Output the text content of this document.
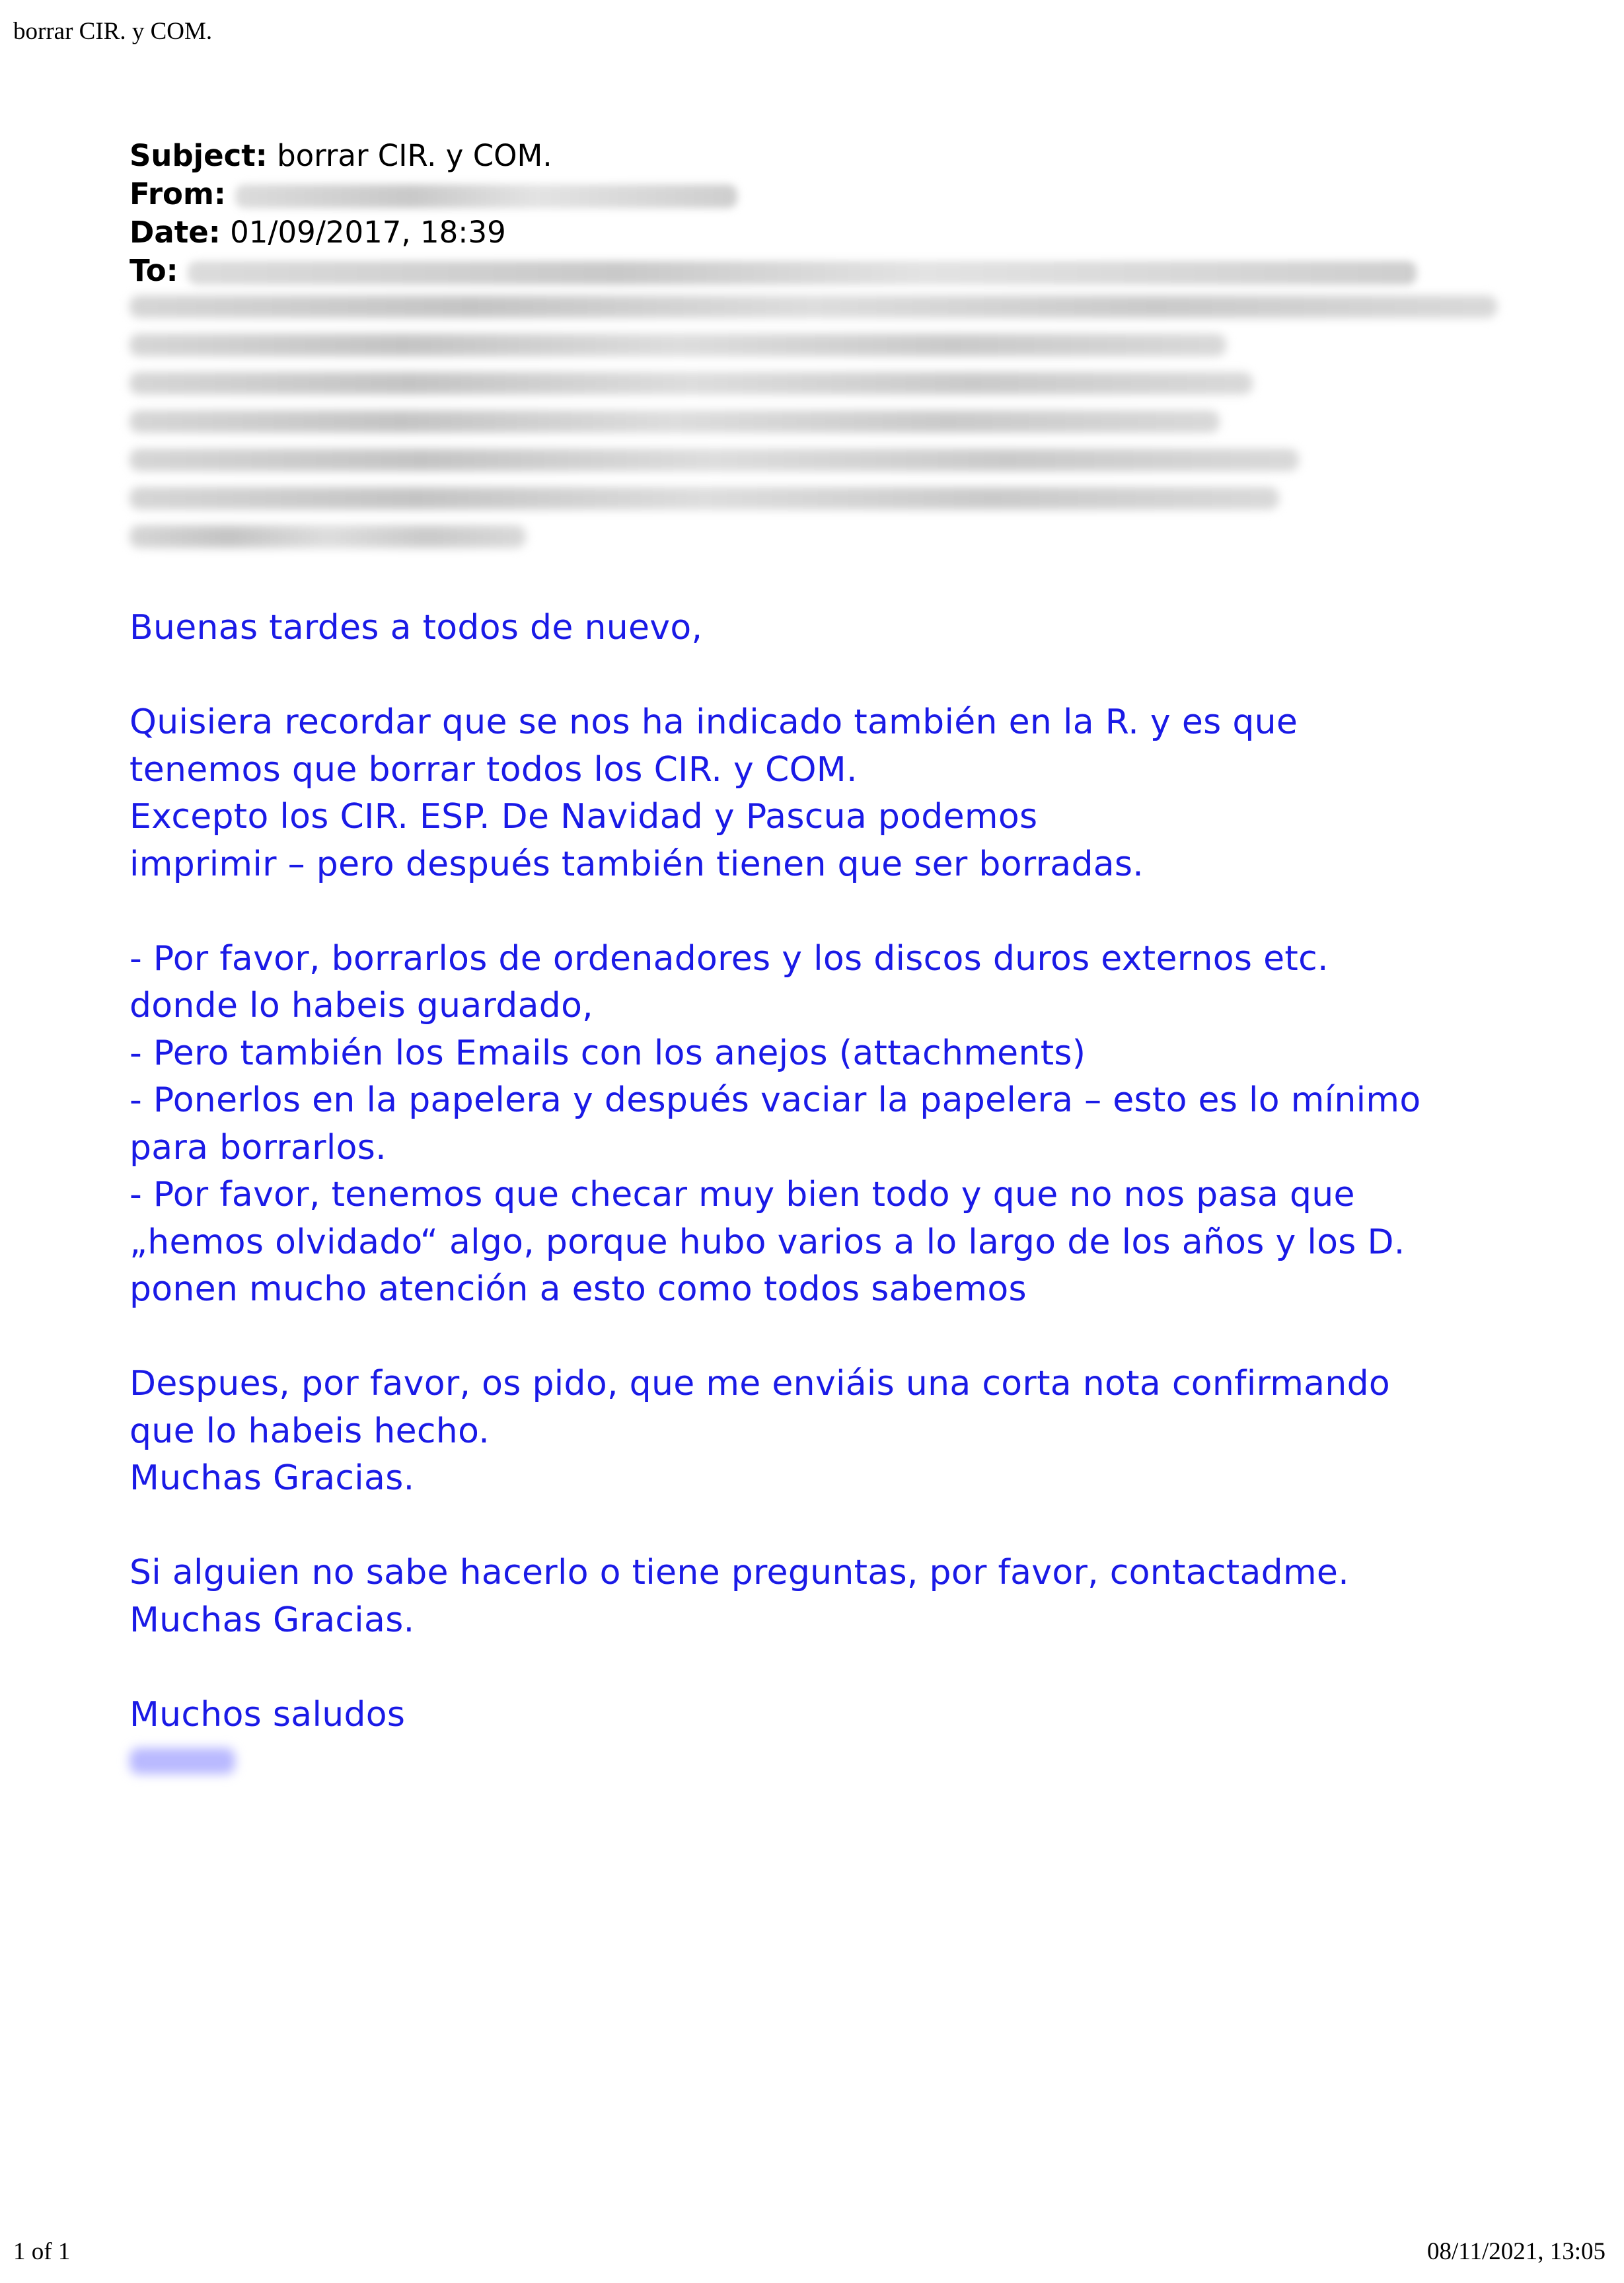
borrar CIR. y COM.
Subject: borrar CIR. y COM.
From:
Date: 01/09/2017, 18:39
To:
Buenas tardes a todos de nuevo,
Quisiera recordar que se nos ha indicado también en la R. y es que
tenemos que borrar todos los CIR. y COM.
Excepto los CIR. ESP. De Navidad y Pascua podemos
imprimir – pero después también tienen que ser borradas.
- Por favor, borrarlos de ordenadores y los discos duros externos etc.
donde lo habeis guardado,
- Pero también los Emails con los anejos (attachments)
- Ponerlos en la papelera y después vaciar la papelera – esto es lo mínimo
para borrarlos.
- Por favor, tenemos que checar muy bien todo y que no nos pasa que
„hemos olvidado“ algo, porque hubo varios a lo largo de los años y los D.
ponen mucho atención a esto como todos sabemos
Despues, por favor, os pido, que me enviáis una corta nota confirmando
que lo habeis hecho.
Muchas Gracias.
Si alguien no sabe hacerlo o tiene preguntas, por favor, contactadme.
Muchas Gracias.
Muchos saludos
1 of 1	08/11/2021, 13:05
